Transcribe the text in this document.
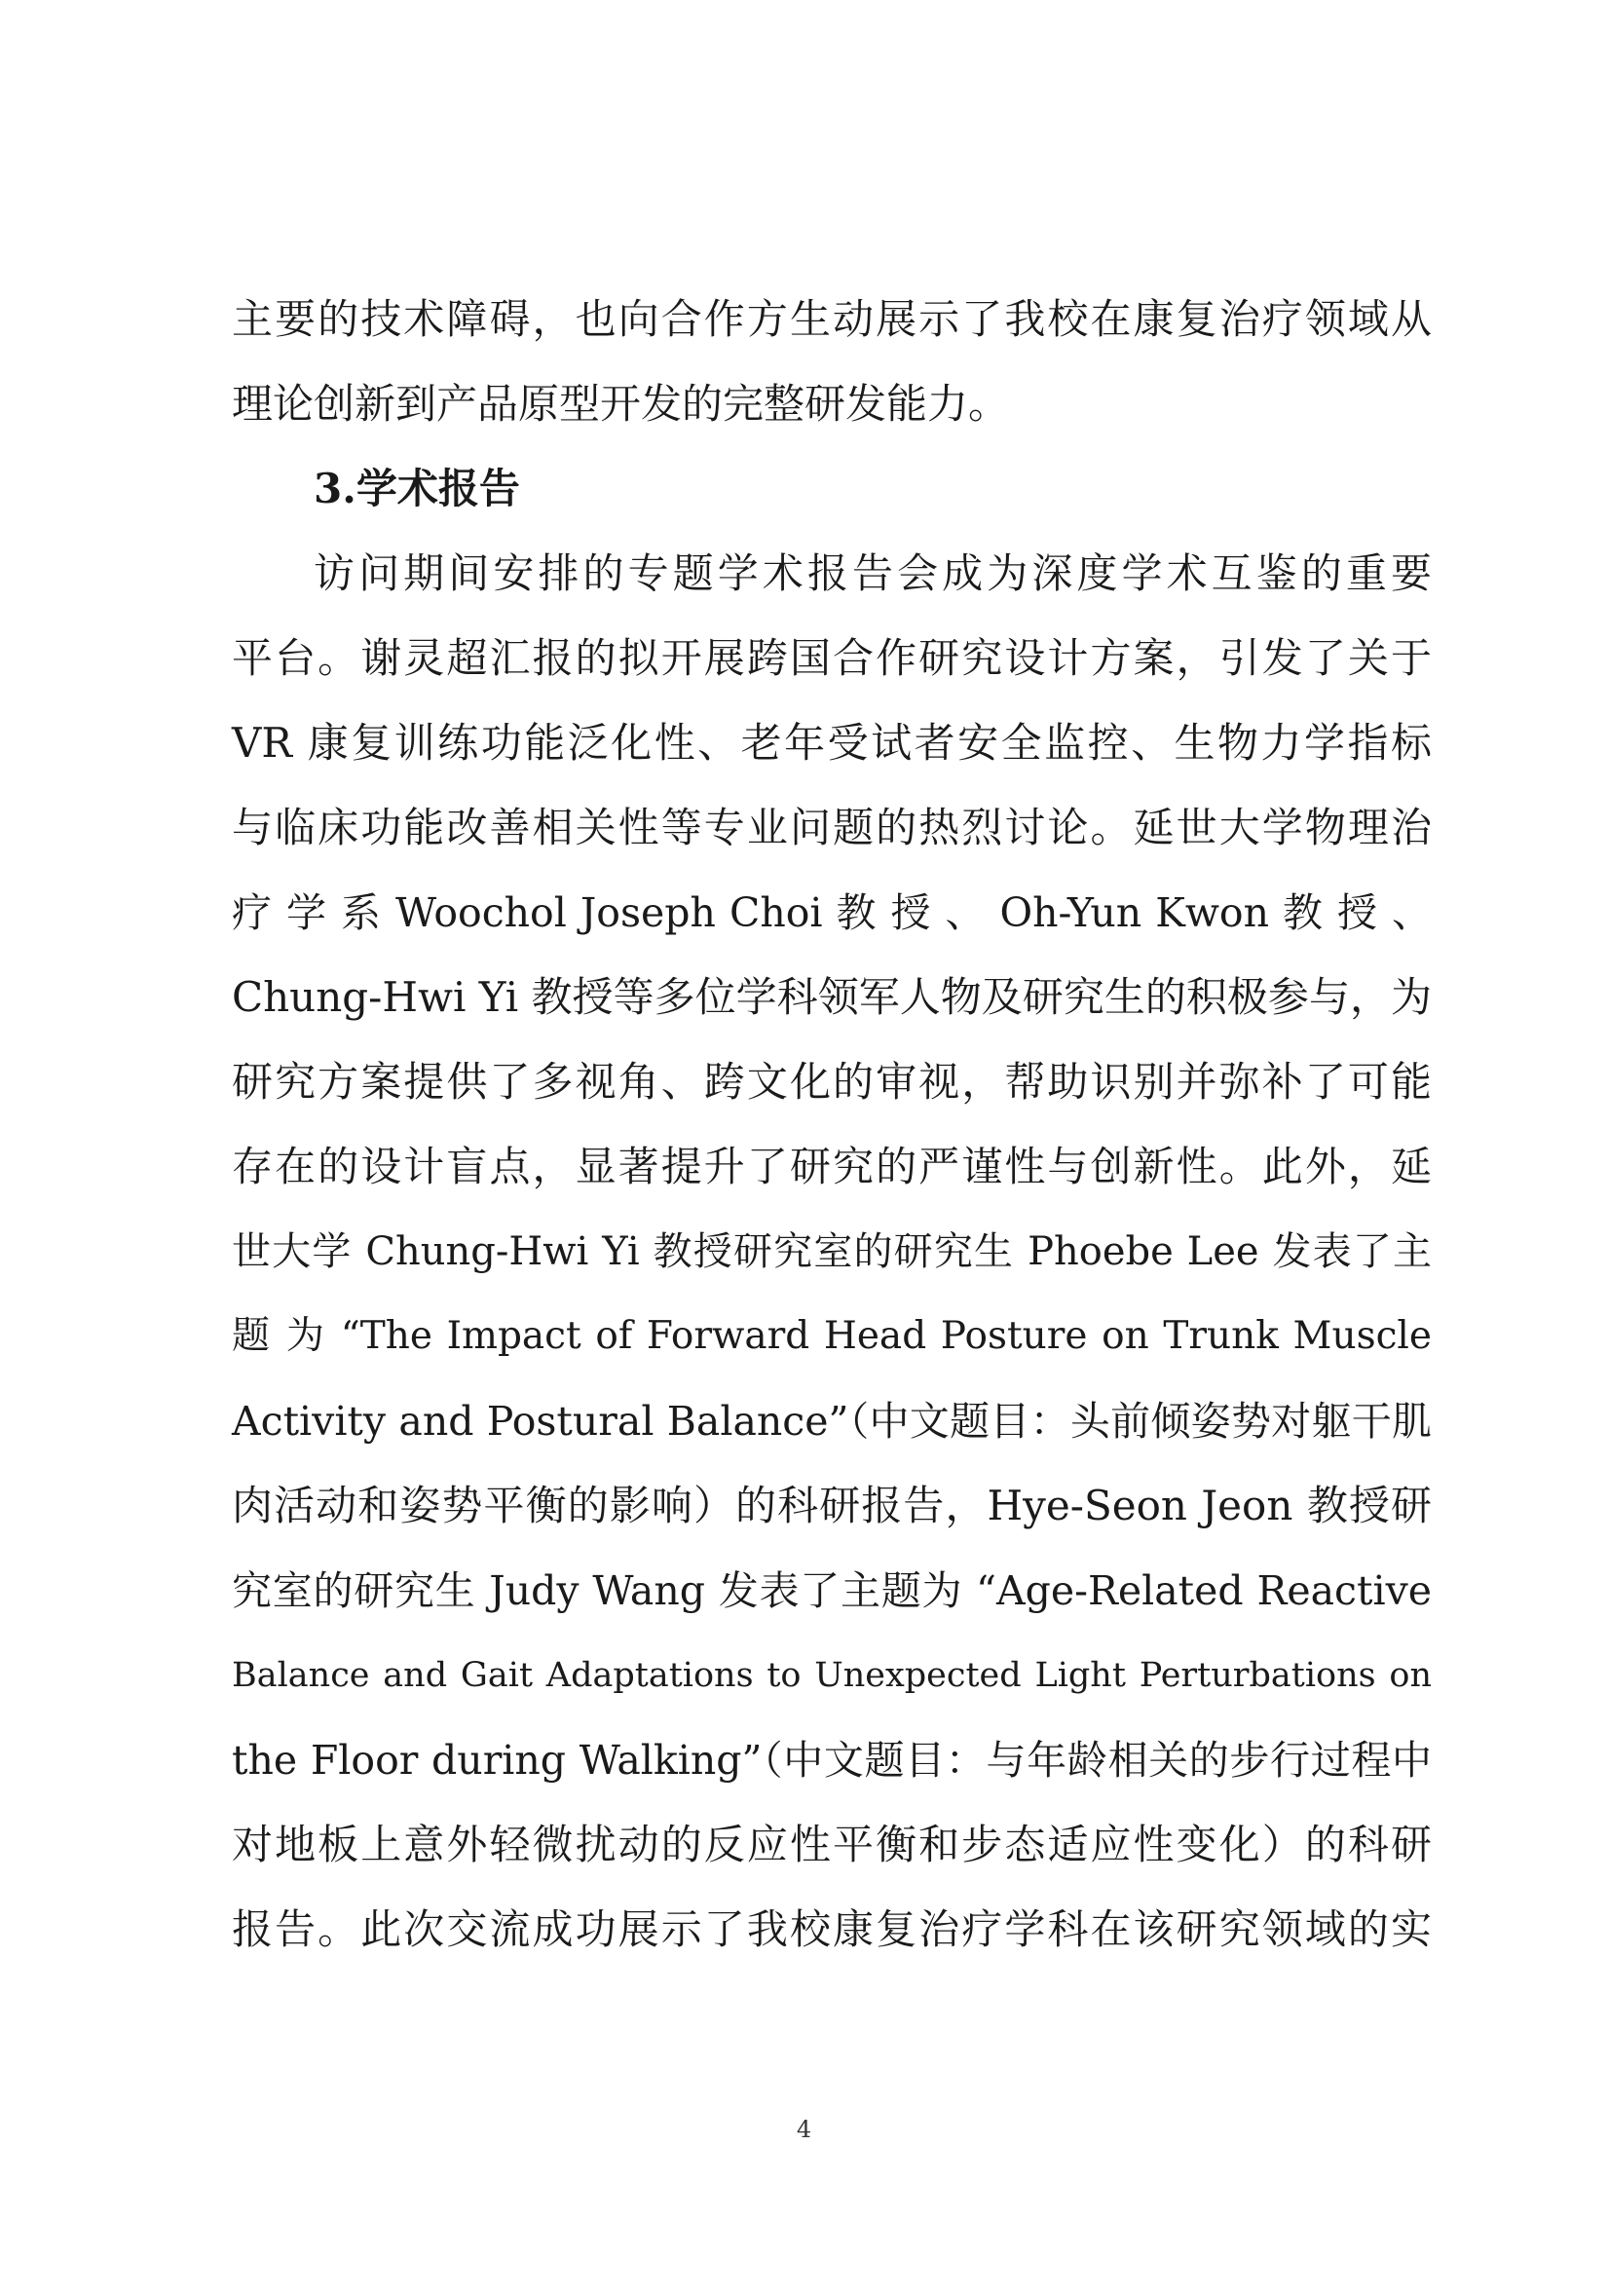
主要的技术障碍，也向合作方生动展示了我校在康复治疗领域从
理论创新到产品原型开发的完整研发能力。
3.学术报告
访问期间安排的专题学术报告会成为深度学术互鉴的重要
平台。谢灵超汇报的拟开展跨国合作研究设计方案，引发了关于
VR 康复训练功能泛化性、老年受试者安全监控、生物力学指标
与临床功能改善相关性等专业问题的热烈讨论。延世大学物理治
疗 学 系 Woochol Joseph Choi 教 授 、 Oh-Yun Kwon 教 授 、
Chung-Hwi Yi 教授等多位学科领军人物及研究生的积极参与，为
研究方案提供了多视角、跨文化的审视，帮助识别并弥补了可能
存在的设计盲点，显著提升了研究的严谨性与创新性。此外，延
世大学 Chung-Hwi Yi 教授研究室的研究生 Phoebe Lee 发表了主
题 为 “The Impact of Forward Head Posture on Trunk Muscle
Activity and Postural Balance”（中文题目：头前倾姿势对躯干肌
肉活动和姿势平衡的影响）的科研报告，Hye-Seon Jeon 教授研
究室的研究生 Judy Wang 发表了主题为 “Age-Related Reactive
Balance and Gait Adaptations to Unexpected Light Perturbations on
the Floor during Walking”（中文题目：与年龄相关的步行过程中
对地板上意外轻微扰动的反应性平衡和步态适应性变化）的科研
报告。此次交流成功展示了我校康复治疗学科在该研究领域的实
4
